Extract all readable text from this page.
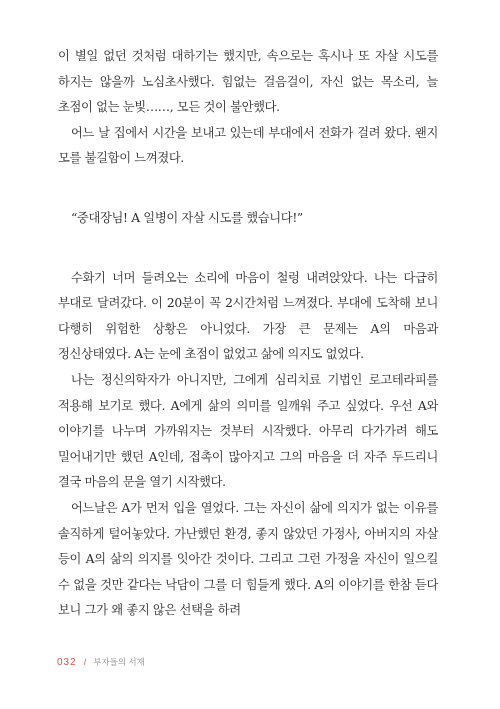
이 별일 없던 것처럼 대하기는 했지만, 속으로는 혹시나 또 자살 시도를 하지는 않을까 노심초사했다. 힘없는 걸음걸이, 자신 없는 목소리, 늘 초점이 없는 눈빛……, 모든 것이 불안했다.

어느 날 집에서 시간을 보내고 있는데 부대에서 전화가 걸려 왔다. 왠지 모를 불길함이 느껴졌다.

“중대장님! A 일병이 자살 시도를 했습니다!”

수화기 너머 들려오는 소리에 마음이 철렁 내려앉았다. 나는 다급히 부대로 달려갔다. 이 20분이 꼭 2시간처럼 느껴졌다. 부대에 도착해 보니 다행히 위험한 상황은 아니었다. 가장 큰 문제는 A의 마음과 정신상태였다. A는 눈에 초점이 없었고 삶에 의지도 없었다.

나는 정신의학자가 아니지만, 그에게 심리치료 기법인 로고테라피를 적용해 보기로 했다. A에게 삶의 의미를 일깨워 주고 싶었다. 우선 A와 이야기를 나누며 가까워지는 것부터 시작했다. 아무리 다가가려 해도 밀어내기만 했던 A인데, 접촉이 많아지고 그의 마음을 더 자주 두드리니 결국 마음의 문을 열기 시작했다.

어느날은 A가 먼저 입을 열었다. 그는 자신이 삶에 의지가 없는 이유를 솔직하게 털어놓았다. 가난했던 환경, 좋지 않았던 가정사, 아버지의 자살 등이 A의 삶의 의지를 잇아간 것이다. 그리고 그런 가정을 자신이 일으킬 수 없을 것만 같다는 낙담이 그를 더 힘들게 했다. A의 이야기를 한참 듣다 보니 그가 왜 좋지 않은 선택을 하려

032 / 부자들의 서재
